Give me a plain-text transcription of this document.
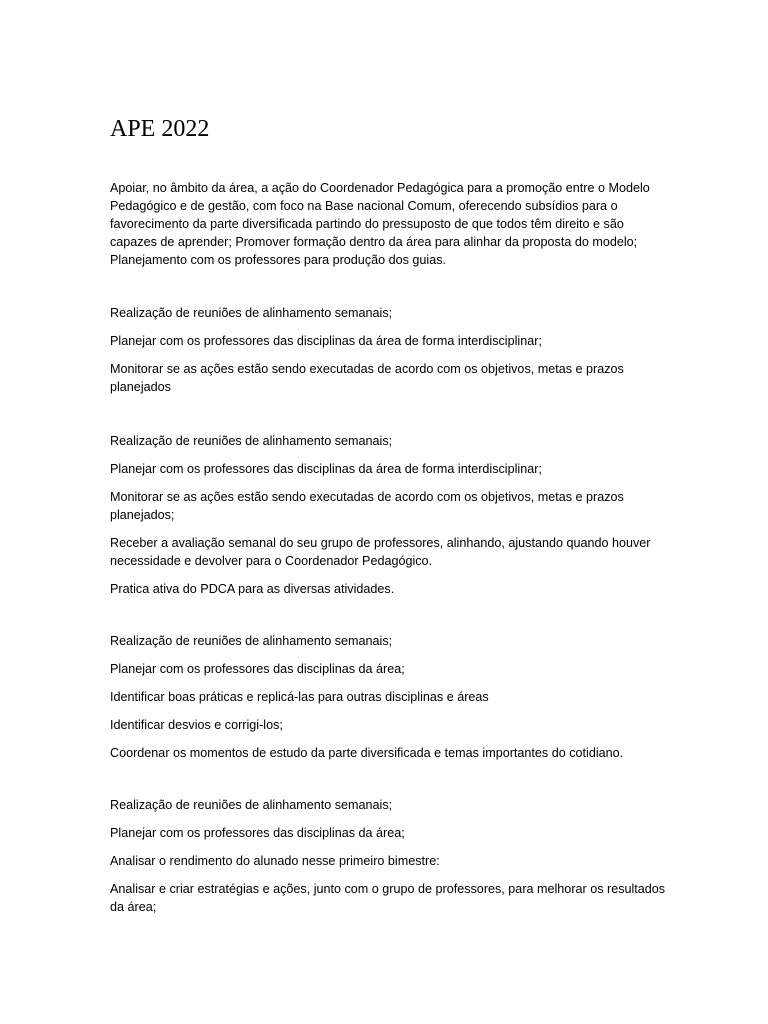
APE 2022

Apoiar, no âmbito da área, a ação do Coordenador Pedagógica para a promoção entre o Modelo Pedagógico e de gestão, com foco na Base nacional Comum, oferecendo subsídios para o favorecimento da parte diversificada partindo do pressuposto de que todos têm direito e são capazes de aprender; Promover formação dentro da área para alinhar da proposta do modelo; Planejamento com os professores para produção dos guias.

Realização de reuniões de alinhamento semanais;

Planejar com os professores das disciplinas da área de forma interdisciplinar;

Monitorar se as ações estão sendo executadas de acordo com os objetivos, metas e prazos planejados

Realização de reuniões de alinhamento semanais;

Planejar com os professores das disciplinas da área de forma interdisciplinar;

Monitorar se as ações estão sendo executadas de acordo com os objetivos, metas e prazos planejados;

Receber a avaliação semanal do seu grupo de professores, alinhando, ajustando quando houver necessidade e devolver para o Coordenador Pedagógico.

Pratica ativa do PDCA para as diversas atividades.

Realização de reuniões de alinhamento semanais;

Planejar com os professores das disciplinas da área;

Identificar boas práticas e replicá-las para outras disciplinas e áreas

Identificar desvios e corrigi-los;

Coordenar os momentos de estudo da parte diversificada e temas importantes do cotidiano.

Realização de reuniões de alinhamento semanais;

Planejar com os professores das disciplinas da área;

Analisar o rendimento do alunado nesse primeiro bimestre:

Analisar e criar estratégias e ações, junto com o grupo de professores, para melhorar os resultados da área;
